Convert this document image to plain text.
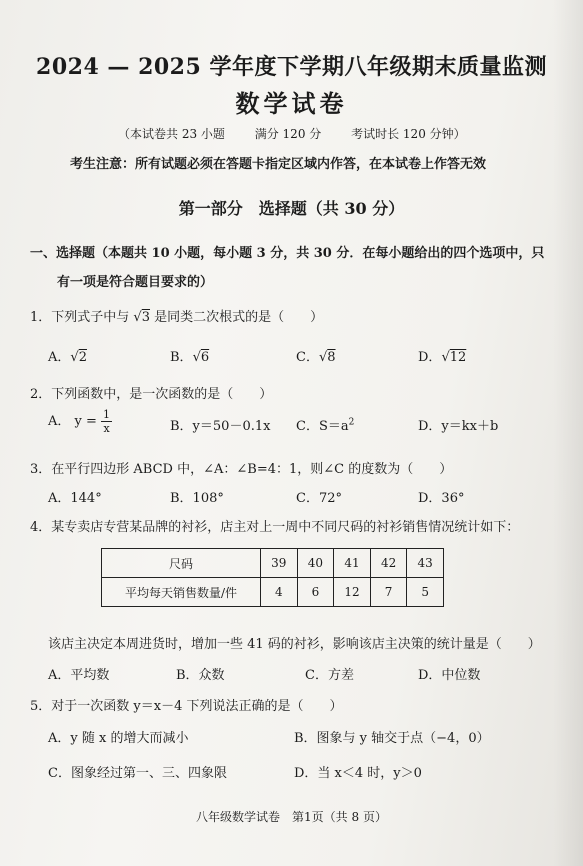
2024 — 2025 学年度下学期八年级期末质量监测
数学试卷
（本试卷共 23 小题 满分 120 分 考试时长 120 分钟）
考生注意：所有试题必须在答题卡指定区域内作答，在本试卷上作答无效
第一部分　选择题（共 30 分）
一、选择题（本题共 10 小题，每小题 3 分，共 30 分．在每小题给出的四个选项中，只
有一项是符合题目要求的）
1．下列式子中与 √3 是同类二次根式的是（　　）
A．√2	B．√6	C．√8	D．√12
2．下列函数中，是一次函数的是（　　）
A． $y = \frac{1}{x}$	B．y＝50－0.1x C．$S=a^2$	D．y＝kx＋b
3．在平行四边形 ABCD 中，∠A：∠B=4：1，则∠C 的度数为（　　）
A．144°	B．108°	C．72°	D．36°
4．某专卖店专营某品牌的衬衫，店主对上一周中不同尺码的衬衫销售情况统计如下：
尺码	39	40	41	42	43
平均每天销售数量/件	4	6	12	7	5
该店主决定本周进货时，增加一些 41 码的衬衫，影响该店主决策的统计量是（　　）
A．平均数	B．众数	C．方差	D．中位数
5．对于一次函数 y＝x－4 下列说法正确的是（　　）
A．y 随 x 的增大而减小	B．图象与 y 轴交于点（−4，0）
C．图象经过第一、三、四象限	D．当 x＜4 时，y＞0
八年级数学试卷　第1页（共 8 页）
